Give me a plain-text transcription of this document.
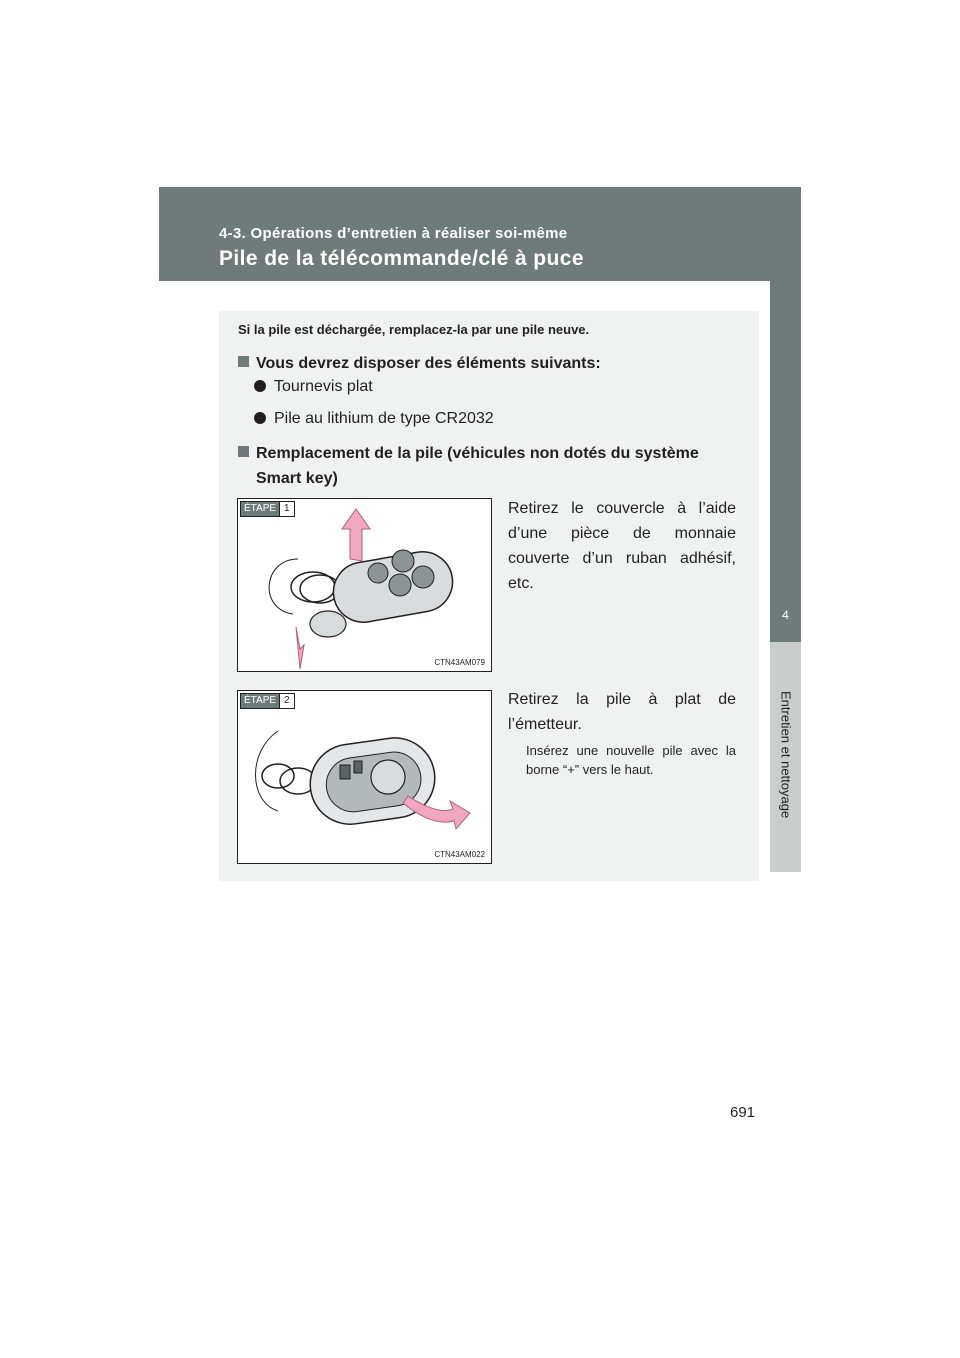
4-3. Opérations d’entretien à réaliser soi-même
Pile de la télécommande/clé à puce
4
Entretien et nettoyage
Si la pile est déchargée, remplacez-la par une pile neuve.
Vous devrez disposer des éléments suivants:
Tournevis plat
Pile au lithium de type CR2032
Remplacement de la pile (véhicules non dotés du système
Smart key)
ÉTAPE 1
CTN43AM079
Retirez le couvercle à l’aide d’une pièce de monnaie couverte d’un ruban adhésif, etc.
ÉTAPE 2
CTN43AM022
Retirez la pile à plat de l’émetteur.
Insérez une nouvelle pile avec la borne “+” vers le haut.
691
